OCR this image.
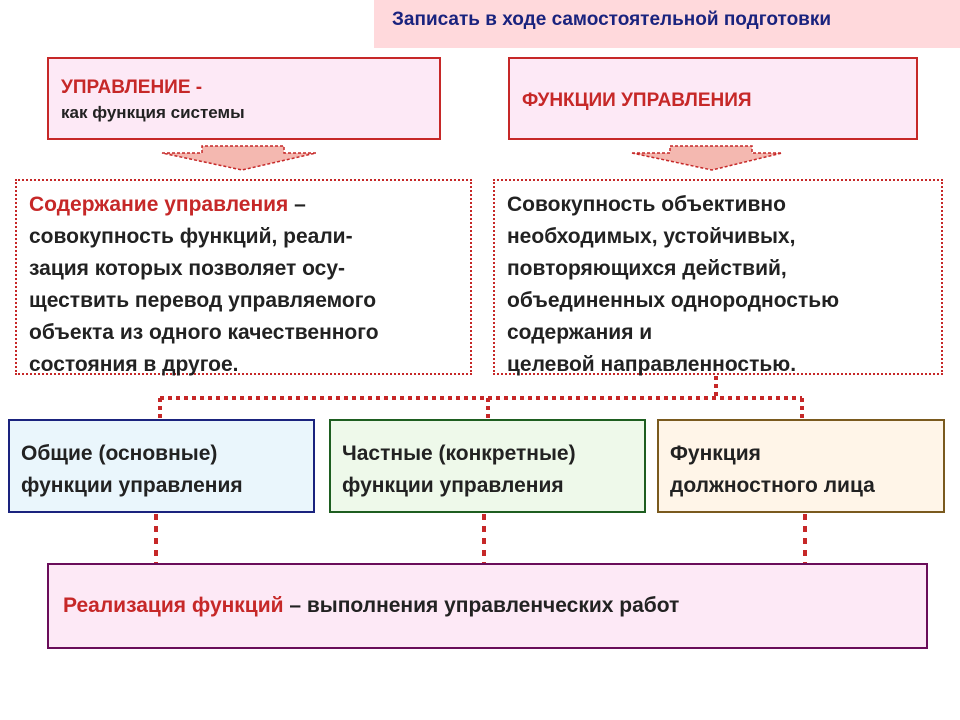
Записать в ходе самостоятельной подготовки
УПРАВЛЕНИЕ -
как функция системы
ФУНКЦИИ УПРАВЛЕНИЯ
Содержание управления –
совокупность функций, реали-
зация которых позволяет осу-
ществить перевод управляемого
объекта из одного качественного
состояния в другое.
Совокупность объективно
необходимых, устойчивых,
повторяющихся действий,
объединенных однородностью
содержания и
целевой направленностью.
Общие (основные)
функции управления
Частные (конкретные)
функции управления
Функция
должностного лица
Реализация функций – выполнения управленческих работ
